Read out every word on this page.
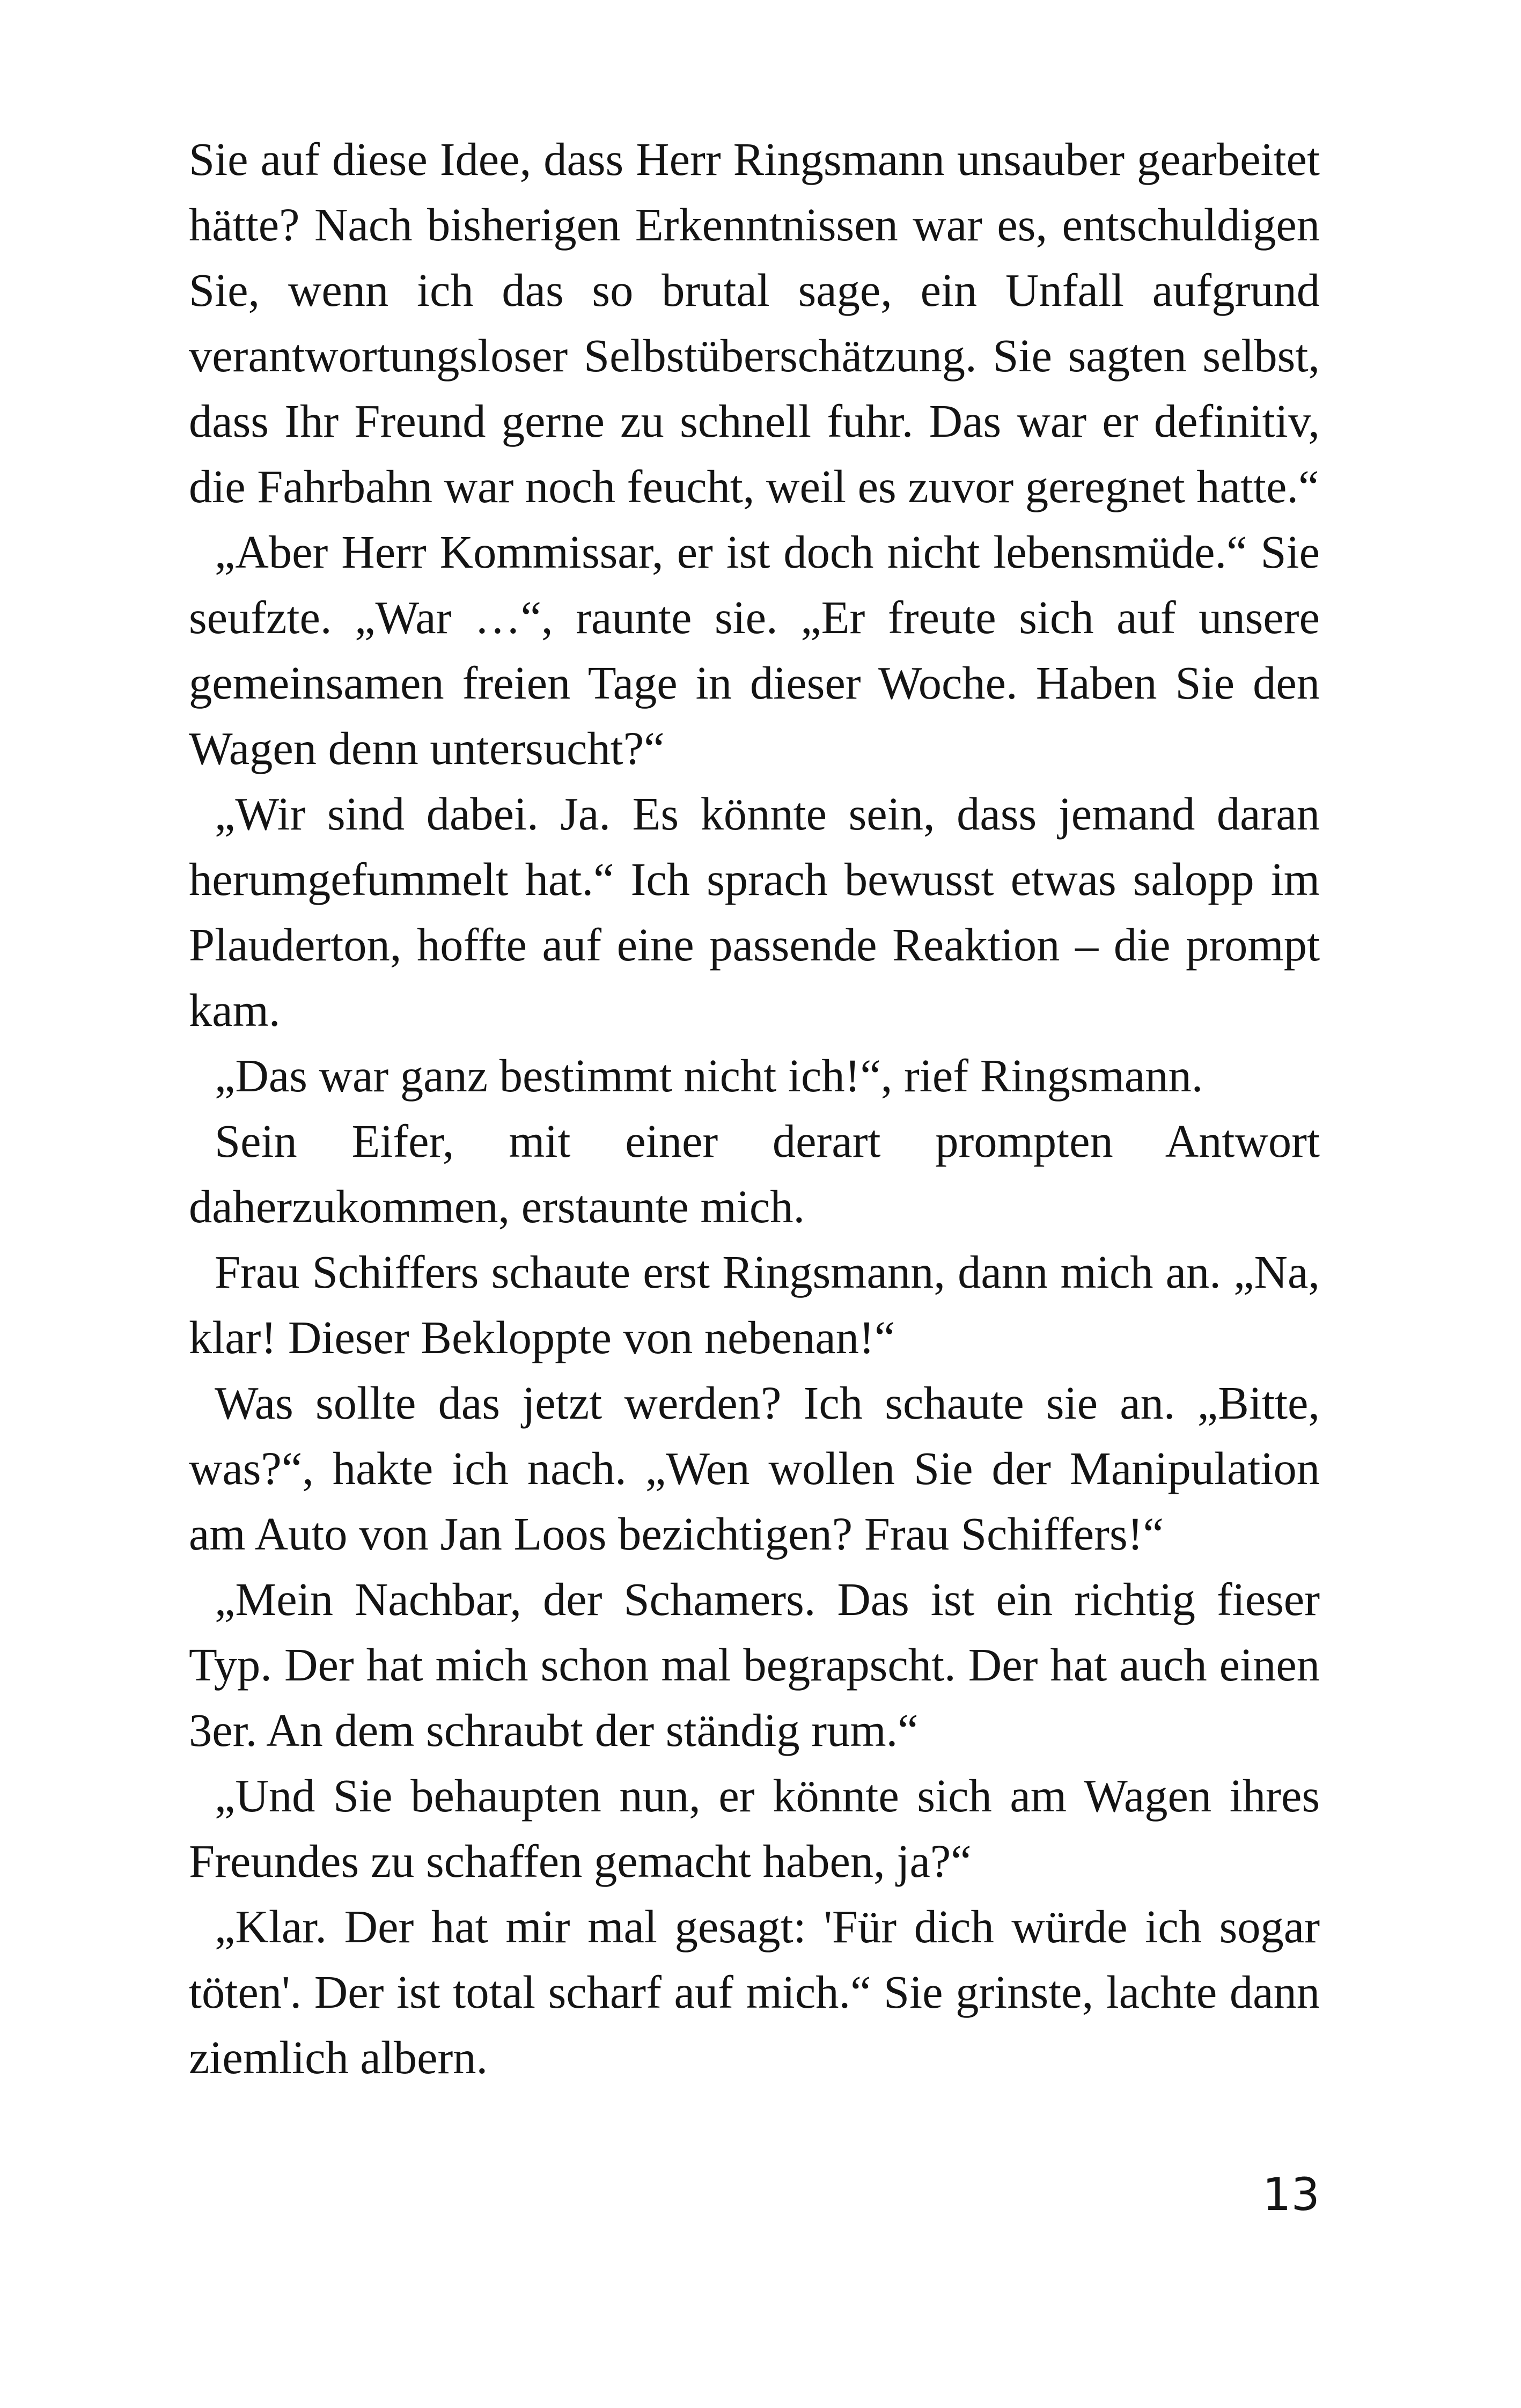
Sie auf diese Idee, dass Herr Ringsmann unsauber gearbeitet hätte? Nach bisherigen Erkenntnissen war es, entschuldigen Sie, wenn ich das so brutal sage, ein Unfall aufgrund verantwortungsloser Selbstüberschätzung. Sie sagten selbst, dass Ihr Freund gerne zu schnell fuhr. Das war er definitiv, die Fahrbahn war noch feucht, weil es zuvor geregnet hatte.“

„Aber Herr Kommissar, er ist doch nicht lebensmüde.“ Sie seufzte. „War …“, raunte sie. „Er freute sich auf unsere gemeinsamen freien Tage in dieser Woche. Haben Sie den Wagen denn untersucht?“

„Wir sind dabei. Ja. Es könnte sein, dass jemand daran herumgefummelt hat.“ Ich sprach bewusst etwas salopp im Plauderton, hoffte auf eine passende Reaktion – die prompt kam.

„Das war ganz bestimmt nicht ich!“, rief Ringsmann.

Sein Eifer, mit einer derart prompten Antwort daherzukommen, erstaunte mich.

Frau Schiffers schaute erst Ringsmann, dann mich an. „Na, klar! Dieser Bekloppte von nebenan!“

Was sollte das jetzt werden? Ich schaute sie an. „Bitte, was?“, hakte ich nach. „Wen wollen Sie der Manipulation am Auto von Jan Loos bezichtigen? Frau Schiffers!“

„Mein Nachbar, der Schamers. Das ist ein richtig fieser Typ. Der hat mich schon mal begrapscht. Der hat auch einen 3er. An dem schraubt der ständig rum.“

„Und Sie behaupten nun, er könnte sich am Wagen ihres Freundes zu schaffen gemacht haben, ja?“

„Klar. Der hat mir mal gesagt: 'Für dich würde ich sogar töten'. Der ist total scharf auf mich.“ Sie grinste, lachte dann ziemlich albern.

13
